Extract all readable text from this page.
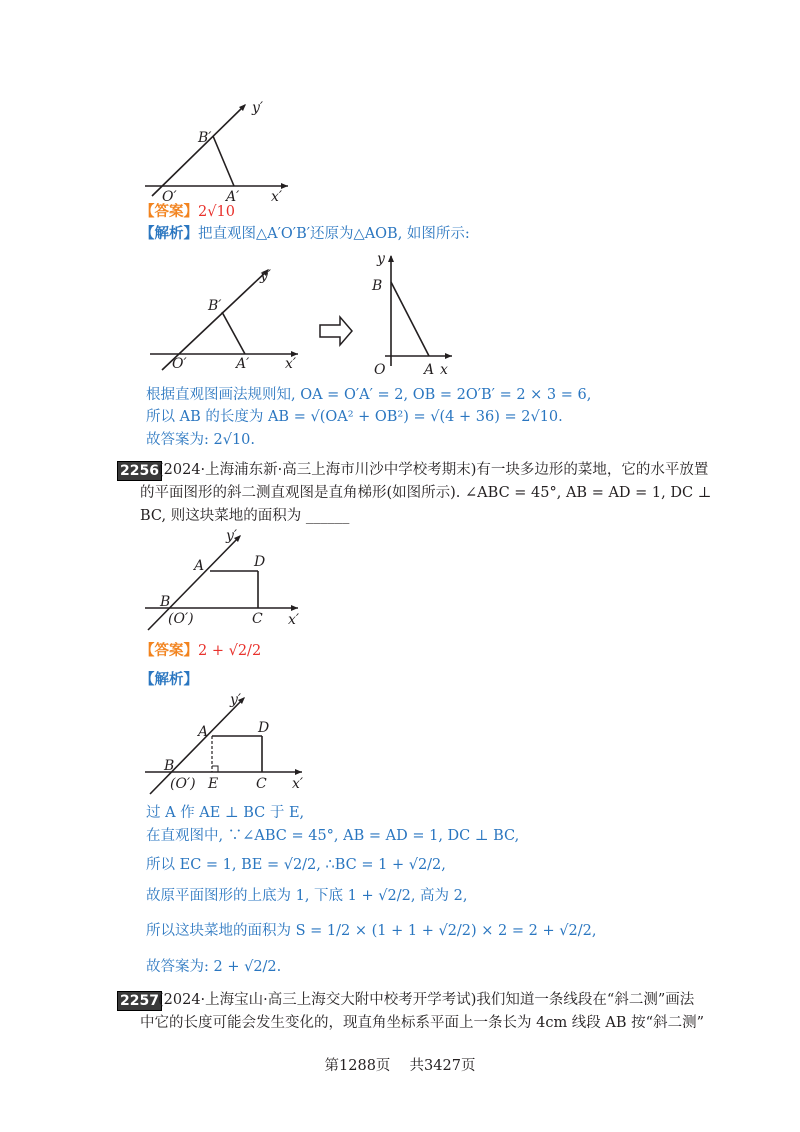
y′
x′
B′
O′	A′
【答案】2√10
【解析】把直观图△A′O′B′还原为△AOB, 如图所示:
y′
x′
B′
O′	A′
y
x
B
O	A
根据直观图画法规则知, OA = O′A′ = 2, OB = 2O′B′ = 2 × 3 = 6,
所以 AB 的长度为 AB = √(OA² + OB²) = √(4 + 36) = 2√10.
故答案为: 2√10.
2256 (2024·上海浦东新·高三上海市川沙中学校考期末)有一块多边形的菜地，它的水平放置
的平面图形的斜二测直观图是直角梯形(如图所示). ∠ABC = 45°, AB = AD = 1, DC ⊥
BC, 则这块菜地的面积为 ______
y′
x′
A	D
B
(O′)	C
【答案】2 + √2/2
【解析】
y′
x′
A	D
B
(O′) E	C
过 A 作 AE ⊥ BC 于 E,
在直观图中, ∵∠ABC = 45°, AB = AD = 1, DC ⊥ BC,
所以 EC = 1, BE = √2/2, ∴BC = 1 + √2/2,
故原平面图形的上底为 1, 下底 1 + √2/2, 高为 2,
所以这块菜地的面积为 S = 1/2 × (1 + 1 + √2/2) × 2 = 2 + √2/2,
故答案为: 2 + √2/2.
2257 (2024·上海宝山·高三上海交大附中校考开学考试)我们知道一条线段在“斜二测”画法
中它的长度可能会发生变化的，现直角坐标系平面上一条长为 4cm 线段 AB 按“斜二测”
第1288页　 共3427页
